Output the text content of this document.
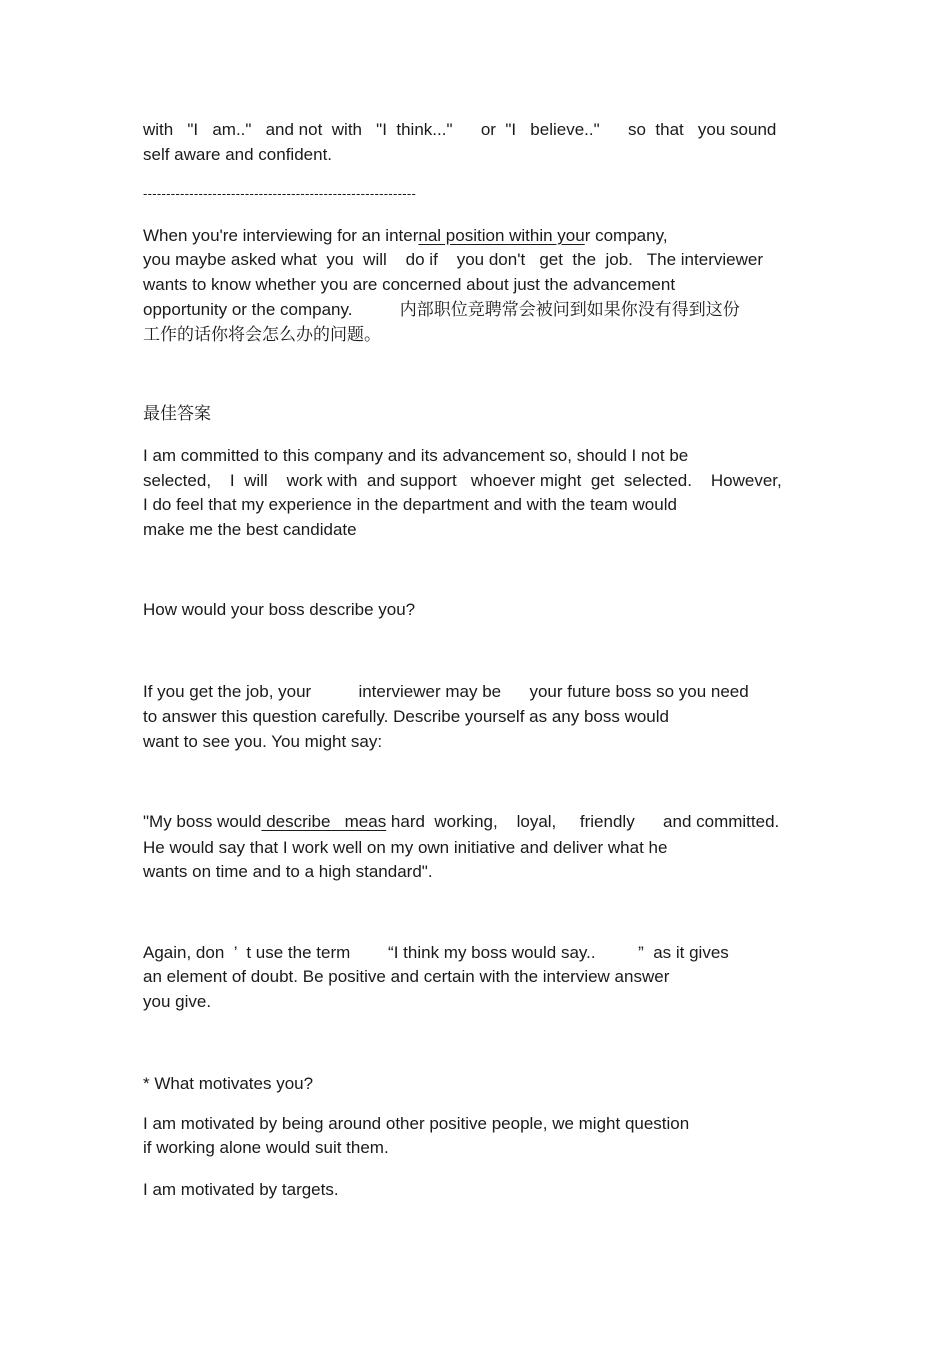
with   "I   am.."   and not  with   "I  think..."      or  "I   believe.."      so  that   you sound
self aware and confident.
-----------------------------------------------------------
When you're interviewing for an internal position within your company,
you maybe asked what  you  will    do if    you don't   get  the  job.   The interviewer
wants to know whether you are concerned about just the advancement
opportunity or the company.          内部职位竞聘常会被问到如果你没有得到这份
工作的话你将会怎么办的问题。
最佳答案
I am committed to this company and its advancement so, should I not be
selected,    I  will    work with  and support   whoever might  get  selected.    However,
I do feel that my experience in the department and with the team would
make me the best candidate
How would your boss describe you?
If you get the job, your          interviewer may be      your future boss so you need
to answer this question carefully. Describe yourself as any boss would
want to see you. You might say:
"My boss would describe   meas hard  working,    loyal,     friendly      and committed.
He would say that I work well on my own initiative and deliver what he
wants on time and to a high standard".
Again, don  ’  t use the term        “I think my boss would say..         ”  as it gives
an element of doubt. Be positive and certain with the interview answer
you give.
* What motivates you?
I am motivated by being around other positive people, we might question
if working alone would suit them.
I am motivated by targets.
